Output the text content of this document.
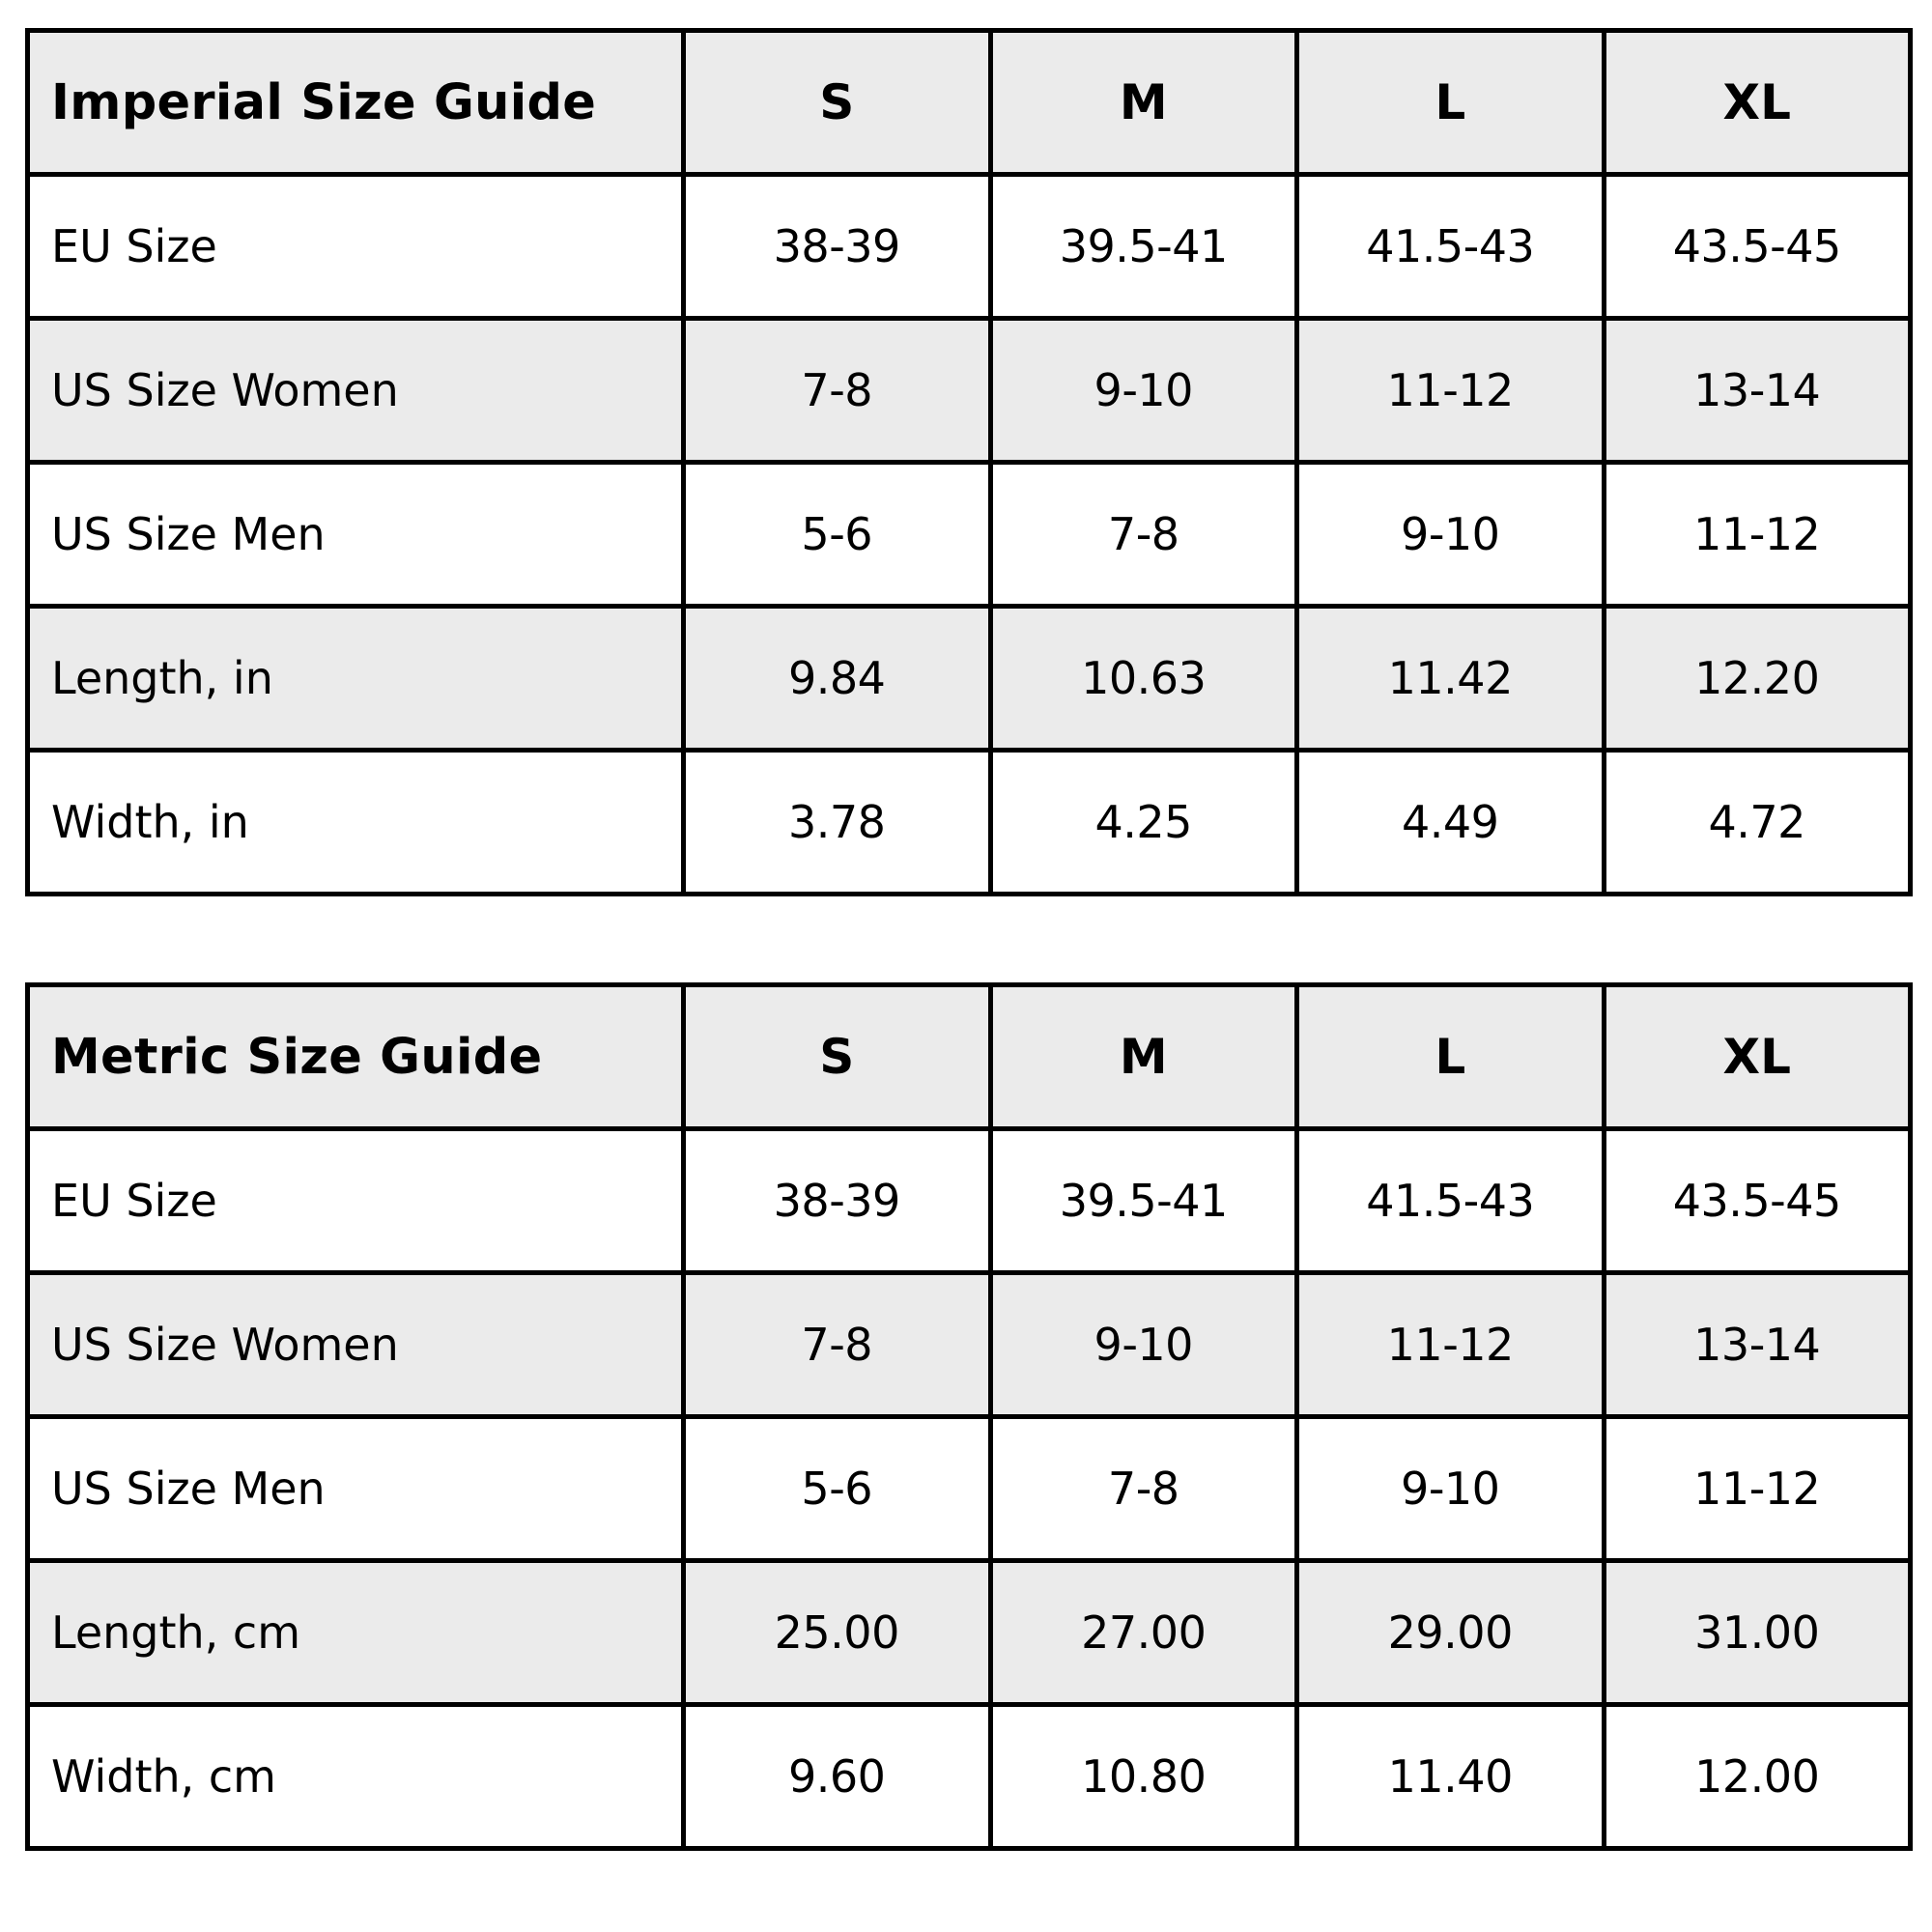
Imperial Size Guide	S	M	L	XL
EU Size	38-39	39.5-41	41.5-43	43.5-45
US Size Women	7-8	9-10	11-12	13-14
US Size Men	5-6	7-8	9-10	11-12
Length, in	9.84	10.63	11.42	12.20
Width, in	3.78	4.25	4.49	4.72
Metric Size Guide	S	M	L	XL
EU Size	38-39	39.5-41	41.5-43	43.5-45
US Size Women	7-8	9-10	11-12	13-14
US Size Men	5-6	7-8	9-10	11-12
Length, cm	25.00	27.00	29.00	31.00
Width, cm	9.60	10.80	11.40	12.00
